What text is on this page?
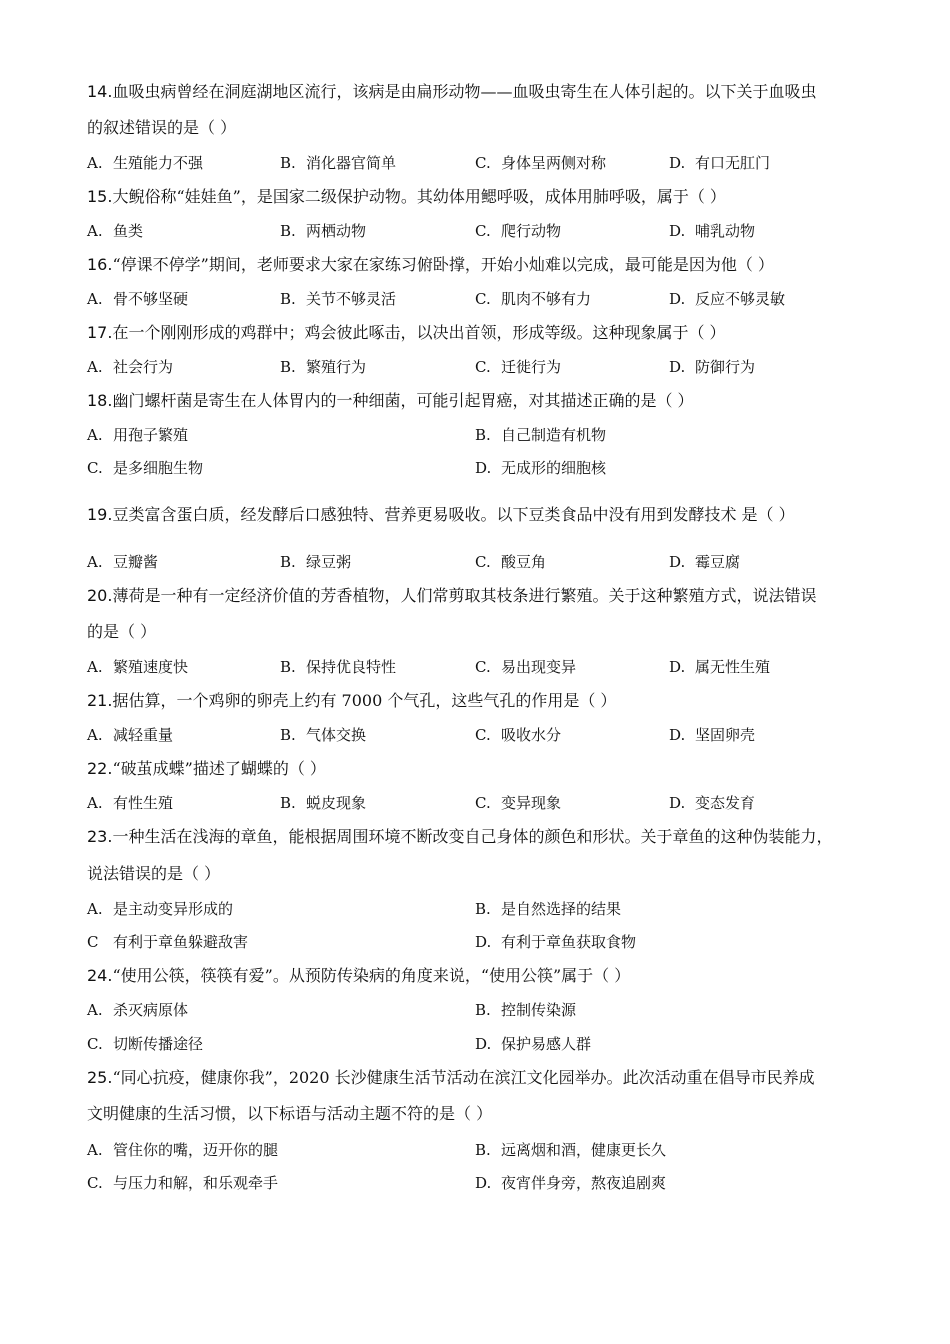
14.血吸虫病曾经在洞庭湖地区流行，该病是由扁形动物——血吸虫寄生在人体引起的。以下关于血吸虫
的叙述错误的是（ ）
A. 生殖能力不强	B. 消化器官简单	C. 身体呈两侧对称	D. 有口无肛门
15.大鲵俗称“娃娃鱼”，是国家二级保护动物。其幼体用鳃呼吸，成体用肺呼吸，属于（ ）
A. 鱼类	B. 两栖动物	C. 爬行动物	D. 哺乳动物
16.“停课不停学”期间，老师要求大家在家练习俯卧撑，开始小灿难以完成，最可能是因为他（ ）
A. 骨不够坚硬	B. 关节不够灵活	C. 肌肉不够有力	D. 反应不够灵敏
17.在一个刚刚形成的鸡群中；鸡会彼此啄击，以决出首领，形成等级。这种现象属于（ ）
A. 社会行为	B. 繁殖行为	C. 迁徙行为	D. 防御行为
18.幽门螺杆菌是寄生在人体胃内的一种细菌，可能引起胃癌，对其描述正确的是（ ）
A. 用孢子繁殖	B. 自己制造有机物
C. 是多细胞生物	D. 无成形的细胞核
19.豆类富含蛋白质，经发酵后口感独特、营养更易吸收。以下豆类食品中没有用到发酵技术 是（ ）
A. 豆瓣酱	B. 绿豆粥	C. 酸豆角	D. 霉豆腐
20.薄荷是一种有一定经济价值的芳香植物，人们常剪取其枝条进行繁殖。关于这种繁殖方式，说法错误
的是（ ）
A. 繁殖速度快	B. 保持优良特性	C. 易出现变异	D. 属无性生殖
21.据估算，一个鸡卵的卵壳上约有 7000 个气孔，这些气孔的作用是（ ）
A. 减轻重量	B. 气体交换	C. 吸收水分	D. 坚固卵壳
22.“破茧成蝶”描述了蝴蝶的（ ）
A. 有性生殖	B. 蜕皮现象	C. 变异现象	D. 变态发育
23.一种生活在浅海的章鱼，能根据周围环境不断改变自己身体的颜色和形状。关于章鱼的这种伪装能力，
说法错误的是（ ）
A. 是主动变异形成的	B. 是自然选择的结果
C 有利于章鱼躲避敌害	D. 有利于章鱼获取食物
24.“使用公筷，筷筷有爱”。从预防传染病的角度来说，“使用公筷”属于（ ）
A. 杀灭病原体	B. 控制传染源
C. 切断传播途径	D. 保护易感人群
25.“同心抗疫，健康你我”，2020 长沙健康生活节活动在滨江文化园举办。此次活动重在倡导市民养成
文明健康的生活习惯，以下标语与活动主题不符的是（ ）
A. 管住你的嘴，迈开你的腿	B. 远离烟和酒，健康更长久
C. 与压力和解，和乐观牵手	D. 夜宵伴身旁，熬夜追剧爽
